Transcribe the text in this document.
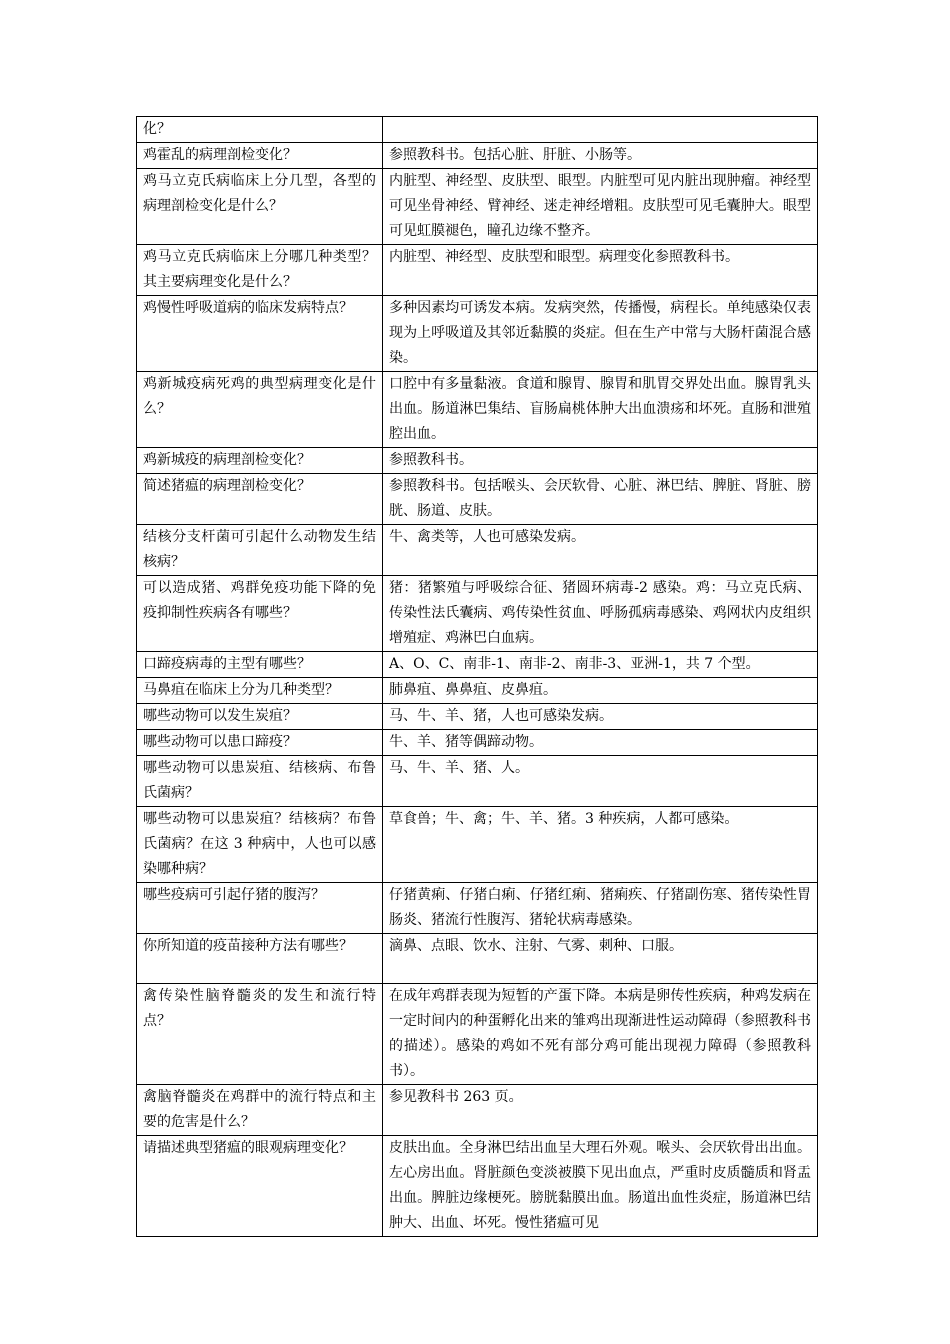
化？	
鸡霍乱的病理剖检变化？	参照教科书。包括心脏、肝脏、小肠等。
鸡马立克氏病临床上分几型，各型的病理剖检变化是什么？	内脏型、神经型、皮肤型、眼型。内脏型可见内脏出现肿瘤。神经型可见坐骨神经、臂神经、迷走神经增粗。皮肤型可见毛囊肿大。眼型可见虹膜褪色，瞳孔边缘不整齐。
鸡马立克氏病临床上分哪几种类型？其主要病理变化是什么？	内脏型、神经型、皮肤型和眼型。病理变化参照教科书。
鸡慢性呼吸道病的临床发病特点？	多种因素均可诱发本病。发病突然，传播慢，病程长。单纯感染仅表现为上呼吸道及其邻近黏膜的炎症。但在生产中常与大肠杆菌混合感染。
鸡新城疫病死鸡的典型病理变化是什么？	口腔中有多量黏液。食道和腺胃、腺胃和肌胃交界处出血。腺胃乳头出血。肠道淋巴集结、盲肠扁桃体肿大出血溃疡和坏死。直肠和泄殖腔出血。
鸡新城疫的病理剖检变化？	参照教科书。
简述猪瘟的病理剖检变化？	参照教科书。包括喉头、会厌软骨、心脏、淋巴结、脾脏、肾脏、膀胱、肠道、皮肤。
结核分支杆菌可引起什么动物发生结核病？	牛、禽类等，人也可感染发病。
可以造成猪、鸡群免疫功能下降的免疫抑制性疾病各有哪些？	猪：猪繁殖与呼吸综合征、猪圆环病毒-2 感染。鸡：马立克氏病、传染性法氏囊病、鸡传染性贫血、呼肠孤病毒感染、鸡网状内皮组织增殖症、鸡淋巴白血病。
口蹄疫病毒的主型有哪些？	A、O、C、南非-1、南非-2、南非-3、亚洲-1，共 7 个型。
马鼻疽在临床上分为几种类型？	肺鼻疽、鼻鼻疽、皮鼻疽。
哪些动物可以发生炭疽？	马、牛、羊、猪，人也可感染发病。
哪些动物可以患口蹄疫？	牛、羊、猪等偶蹄动物。
哪些动物可以患炭疽、结核病、布鲁氏菌病？	马、牛、羊、猪、人。
哪些动物可以患炭疽？结核病？布鲁氏菌病？在这 3 种病中，人也可以感染哪种病？	草食兽；牛、禽；牛、羊、猪。3 种疾病，人都可感染。
哪些疫病可引起仔猪的腹泻？	仔猪黄痢、仔猪白痢、仔猪红痢、猪痢疾、仔猪副伤寒、猪传染性胃肠炎、猪流行性腹泻、猪轮状病毒感染。
你所知道的疫苗接种方法有哪些？	滴鼻、点眼、饮水、注射、气雾、刺种、口服。
禽传染性脑脊髓炎的发生和流行特点？	在成年鸡群表现为短暂的产蛋下降。本病是卵传性疾病，种鸡发病在一定时间内的种蛋孵化出来的雏鸡出现渐进性运动障碍（参照教科书的描述）。感染的鸡如不死有部分鸡可能出现视力障碍（参照教科书）。
禽脑脊髓炎在鸡群中的流行特点和主要的危害是什么？	参见教科书 263 页。
请描述典型猪瘟的眼观病理变化？	皮肤出血。全身淋巴结出血呈大理石外观。喉头、会厌软骨出出血。左心房出血。肾脏颜色变淡被膜下见出血点，严重时皮质髓质和肾盂出血。脾脏边缘梗死。膀胱黏膜出血。肠道出血性炎症，肠道淋巴结肿大、出血、坏死。慢性猪瘟可见
